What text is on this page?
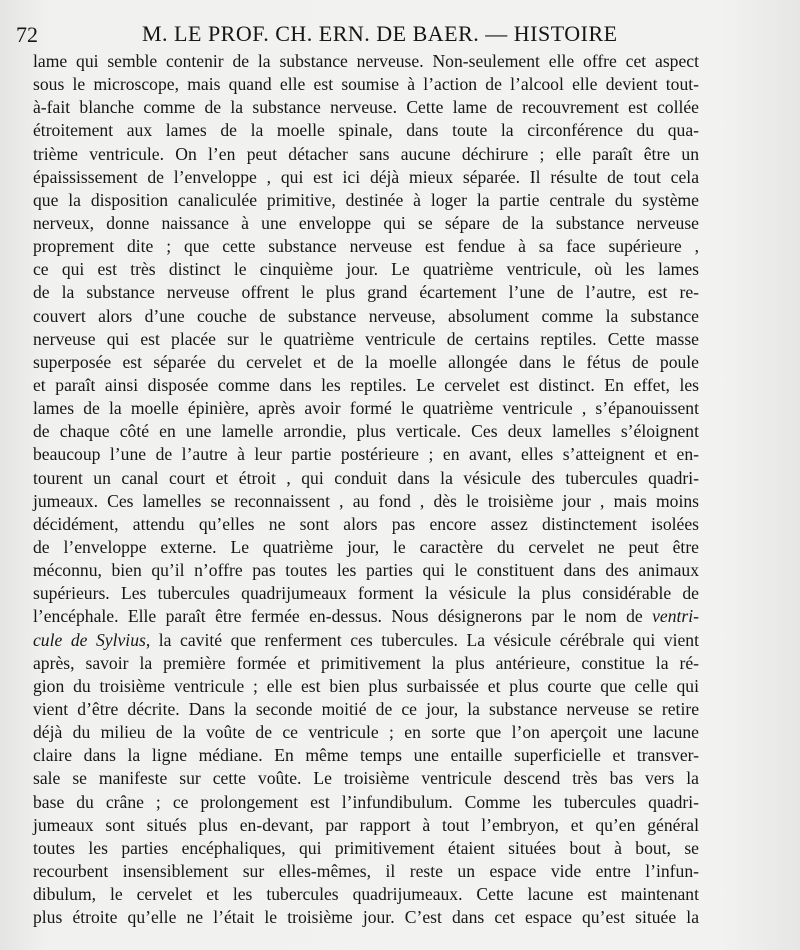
72	M. LE PROF. CH. ERN. DE BAER. — HISTOIRE
lame qui semble contenir de la substance nerveuse. Non-seulement elle offre cet aspect
sous le microscope, mais quand elle est soumise à l’action de l’alcool elle devient tout-
à-fait blanche comme de la substance nerveuse. Cette lame de recouvrement est collée
étroitement aux lames de la moelle spinale, dans toute la circonférence du qua-
trième ventricule. On l’en peut détacher sans aucune déchirure ; elle paraît être un
épaississement de l’enveloppe , qui est ici déjà mieux séparée. Il résulte de tout cela
que la disposition canaliculée primitive, destinée à loger la partie centrale du système
nerveux, donne naissance à une enveloppe qui se sépare de la substance nerveuse
proprement dite ; que cette substance nerveuse est fendue à sa face supérieure ,
ce qui est très distinct le cinquième jour. Le quatrième ventricule, où les lames
de la substance nerveuse offrent le plus grand écartement l’une de l’autre, est re-
couvert alors d’une couche de substance nerveuse, absolument comme la substance
nerveuse qui est placée sur le quatrième ventricule de certains reptiles. Cette masse
superposée est séparée du cervelet et de la moelle allongée dans le fétus de poule
et paraît ainsi disposée comme dans les reptiles. Le cervelet est distinct. En effet, les
lames de la moelle épinière, après avoir formé le quatrième ventricule , s’épanouissent
de chaque côté en une lamelle arrondie, plus verticale. Ces deux lamelles s’éloignent
beaucoup l’une de l’autre à leur partie postérieure ; en avant, elles s’atteignent et en-
tourent un canal court et étroit , qui conduit dans la vésicule des tubercules quadri-
jumeaux. Ces lamelles se reconnaissent , au fond , dès le troisième jour , mais moins
décidément, attendu qu’elles ne sont alors pas encore assez distinctement isolées
de l’enveloppe externe. Le quatrième jour, le caractère du cervelet ne peut être
méconnu, bien qu’il n’offre pas toutes les parties qui le constituent dans des animaux
supérieurs. Les tubercules quadrijumeaux forment la vésicule la plus considérable de
l’encéphale. Elle paraît être fermée en-dessus. Nous désignerons par le nom de ventri-
cule de Sylvius, la cavité que renferment ces tubercules. La vésicule cérébrale qui vient
après, savoir la première formée et primitivement la plus antérieure, constitue la ré-
gion du troisième ventricule ; elle est bien plus surbaissée et plus courte que celle qui
vient d’être décrite. Dans la seconde moitié de ce jour, la substance nerveuse se retire
déjà du milieu de la voûte de ce ventricule ; en sorte que l’on aperçoit une lacune
claire dans la ligne médiane. En même temps une entaille superficielle et transver-
sale se manifeste sur cette voûte. Le troisième ventricule descend très bas vers la
base du crâne ; ce prolongement est l’infundibulum. Comme les tubercules quadri-
jumeaux sont situés plus en-devant, par rapport à tout l’embryon, et qu’en général
toutes les parties encéphaliques, qui primitivement étaient situées bout à bout, se
recourbent insensiblement sur elles-mêmes, il reste un espace vide entre l’infun-
dibulum, le cervelet et les tubercules quadrijumeaux. Cette lacune est maintenant
plus étroite qu’elle ne l’était le troisième jour. C’est dans cet espace qu’est située la
